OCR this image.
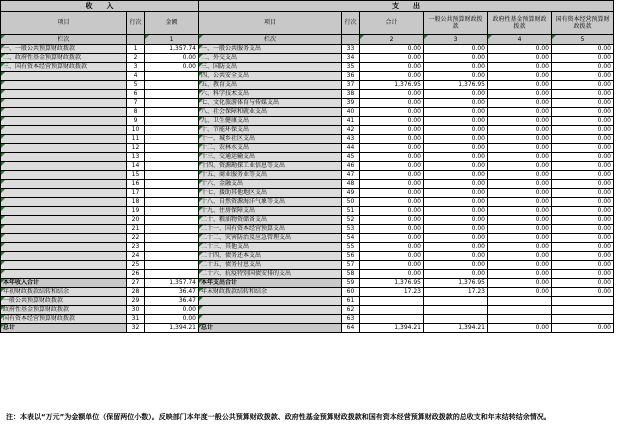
收　　入			支　　出					
项目	行次	金额	项目	行次	合计	一般公共预算财政拨款	政府性基金预算财政拨款	国有资本经营预算财政拨款
栏次		1	栏次		2	3	4	5
一、一般公共预算财政拨款	1	1,357.74	一、一般公共服务支出	33	0.00	0.00	0.00	0.00
二、政府性基金预算财政拨款	2	0.00	二、外交支出	34	0.00	0.00	0.00	0.00
三、国有资本经营预算财政拨款	3	0.00	三、国防支出	35	0.00	0.00	0.00	0.00
	4		四、公共安全支出	36	0.00	0.00	0.00	0.00
	5		五、教育支出	37	1,376.95	1,376.95	0.00	0.00
	6		六、科学技术支出	38	0.00	0.00	0.00	0.00
	7		七、文化旅游体育与传媒支出	39	0.00	0.00	0.00	0.00
	8		八、社会保障和就业支出	40	0.00	0.00	0.00	0.00
	9		九、卫生健康支出	41	0.00	0.00	0.00	0.00
	10		十、节能环保支出	42	0.00	0.00	0.00	0.00
	11		十一、城乡社区支出	43	0.00	0.00	0.00	0.00
	12		十二、农林水支出	44	0.00	0.00	0.00	0.00
	13		十三、交通运输支出	45	0.00	0.00	0.00	0.00
	14		十四、资源勘探工业信息等支出	46	0.00	0.00	0.00	0.00
	15		十五、商业服务业等支出	47	0.00	0.00	0.00	0.00
	16		十六、金融支出	48	0.00	0.00	0.00	0.00
	17		十七、援助其他地区支出	49	0.00	0.00	0.00	0.00
	18		十八、自然资源海洋气象等支出	50	0.00	0.00	0.00	0.00
	19		十九、住房保障支出	51	0.00	0.00	0.00	0.00
	20		二十、粮油物资储备支出	52	0.00	0.00	0.00	0.00
	21		二十一、国有资本经营预算支出	53	0.00	0.00	0.00	0.00
	22		二十二、灾害防治及应急管理支出	54	0.00	0.00	0.00	0.00
	23		二十三、其他支出	55	0.00	0.00	0.00	0.00
	24		二十四、债务还本支出	56	0.00	0.00	0.00	0.00
	25		二十五、债务付息支出	57	0.00	0.00	0.00	0.00
	26		二十六、抗疫特别国债安排的支出	58	0.00	0.00	0.00	0.00
本年收入合计	27	1,357.74	本年支出合计	59	1,376.95	1,376.95	0.00	0.00
年初财政拨款结转和结余	28	36.47	年末财政拨款结转和结余	60	17.23	17.23	0.00	0.00
一般公共预算财政拨款	29	36.47		61				
政府性基金预算财政拨款	30	0.00		62				
国有资本经营预算财政拨款	31	0.00		63				
总计	32	1,394.21	总计	64	1,394.21	1,394.21	0.00	0.00
注：本表以“万元”为金额单位（保留两位小数）。反映部门本年度一般公共预算财政拨款、政府性基金预算财政拨款和国有资本经营预算财政拨款的总收支和年末结转结余情况。
